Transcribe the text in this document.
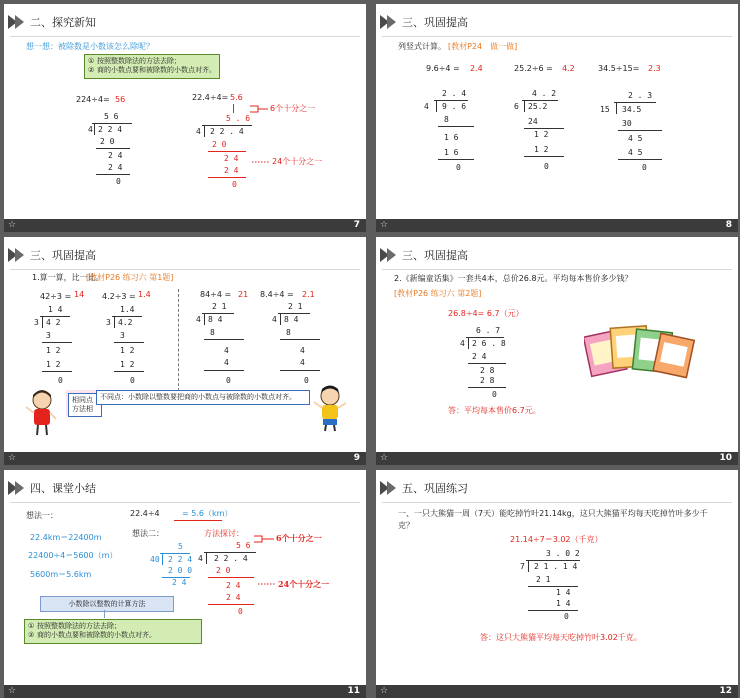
二、探究新知
想一想：被除数是小数该怎么除呢？
① 按照整数除法的方法去除；
② 商的小数点要和被除数的小数点对齐。
224÷4= 56
5 6
4 2 2 4
2 0
2 4
2 4
0
22.4÷4= 5.6
5 . 6
4 2 2 . 4
2 0
2 4
2 4
0
6个十分之一
24个十分之一
☆	7
三、巩固提高
列竖式计算。 [教材P24　做一做]
9.6÷4 = 2.4
2 . 4
4 9 . 6
8
1 6
1 6
0
25.2÷6 = 4.2
4 . 2
6 25.2
24
1 2
1 2
0
34.5÷15= 2.3
2 . 3
15 34.5
30
4 5
4 5
0
☆	8
三、巩固提高
1.算一算，比一比。
[教材P26 练习六 第1题]
42÷3 = 14
1 4
3 4 2
3
1 2
1 2
0
4.2÷3 = 1.4
1.4
3 4.2
3
1 2
1 2
0
84÷4 = 21
2 1
4 8 4
8
4
4
0
8.4÷4 = 2.1
2 1
4 8 4
8
4
4
0
相同点
方法相
不同点：小数除以整数要把商的小数点与被除数的小数点对齐。
☆	9
三、巩固提高
2.《新编童话集》一套共4本，总价26.8元。平均每本售价多少钱？
[教材P26 练习六 第2题]
26.8÷4= 6.7（元）
6 . 7
4 2 6 . 8
2 4
2 8
2 8
0
答：平均每本售价6.7元。
☆	10
四、课堂小结
想法一：
22.4km＝22400m
22400÷4＝5600（m）
5600m＝5.6km
22.4÷4	= 5.6（km）
想法二：
5
40 2 2 4
2 0 0
2 4
方法探讨：
5 6
4 2 2 . 4
2 0
2 4
2 4
0
6个十分之一
24个十分之一
小数除以整数的计算方法
① 按照整数除法的方法去除；
② 商的小数点要和被除数的小数点对齐。
☆	11
五、巩固练习
一、一只大熊猫一周（7天）能吃掉竹叶21.14kg，这只大熊猫平均每天吃掉竹叶多少千克？
21.14÷7＝3.02（千克）
3 . 0 2
7 2 1 . 1 4
2 1
1 4
1 4
0
答：这只大熊猫平均每天吃掉竹叶3.02千克。
☆	12
